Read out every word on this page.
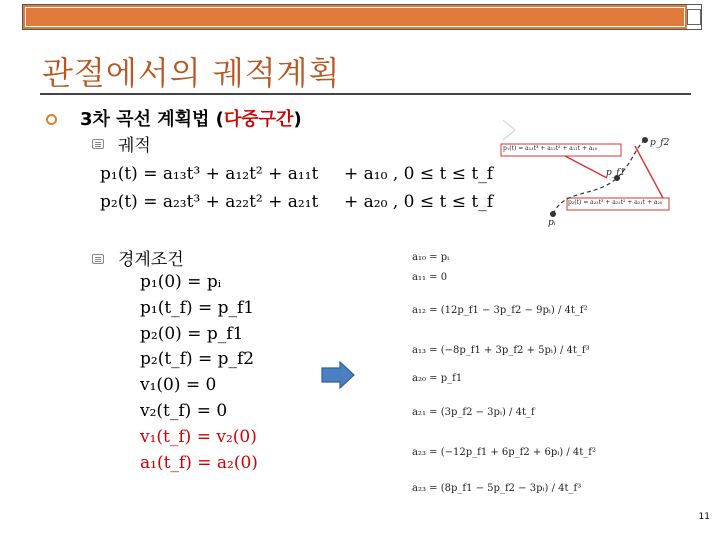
관절에서의 궤적계획
3차 곡선 계획법 (다중구간)
궤적
p₁(t) = a₁₃t³ + a₁₂t² + a₁₁t + a₁₀ , 0 ≤ t ≤ t_f
p₂(t) = a₂₃t³ + a₂₂t² + a₂₁t + a₂₀ , 0 ≤ t ≤ t_f
경계조건
p₁(0) = pᵢ
p₁(t_f) = p_f1
p₂(0) = p_f1
p₂(t_f) = p_f2
v₁(0) = 0
v₂(t_f) = 0
v₁(t_f) = v₂(0)
a₁(t_f) = a₂(0)
a₁₀ = pᵢ
a₁₁ = 0
a₁₂ = (12p_f1 − 3p_f2 − 9pᵢ) / 4t_f²
a₁₃ = (−8p_f1 + 3p_f2 + 5pᵢ) / 4t_f³
a₂₀ = p_f1
a₂₁ = (3p_f2 − 3pᵢ) / 4t_f
a₂₃ = (−12p_f1 + 6p_f2 + 6pᵢ) / 4t_f²
a₂₃ = (8p_f1 − 5p_f2 − 3pᵢ) / 4t_f³
p₁(t) = a₁₃t³ + a₁₂t² + a₁₁t + a₁₀
p₂(t) = a₂₃t³ + a₂₂t² + a₂₁t + a₂₀
p_f2
p_f1
pᵢ
11
